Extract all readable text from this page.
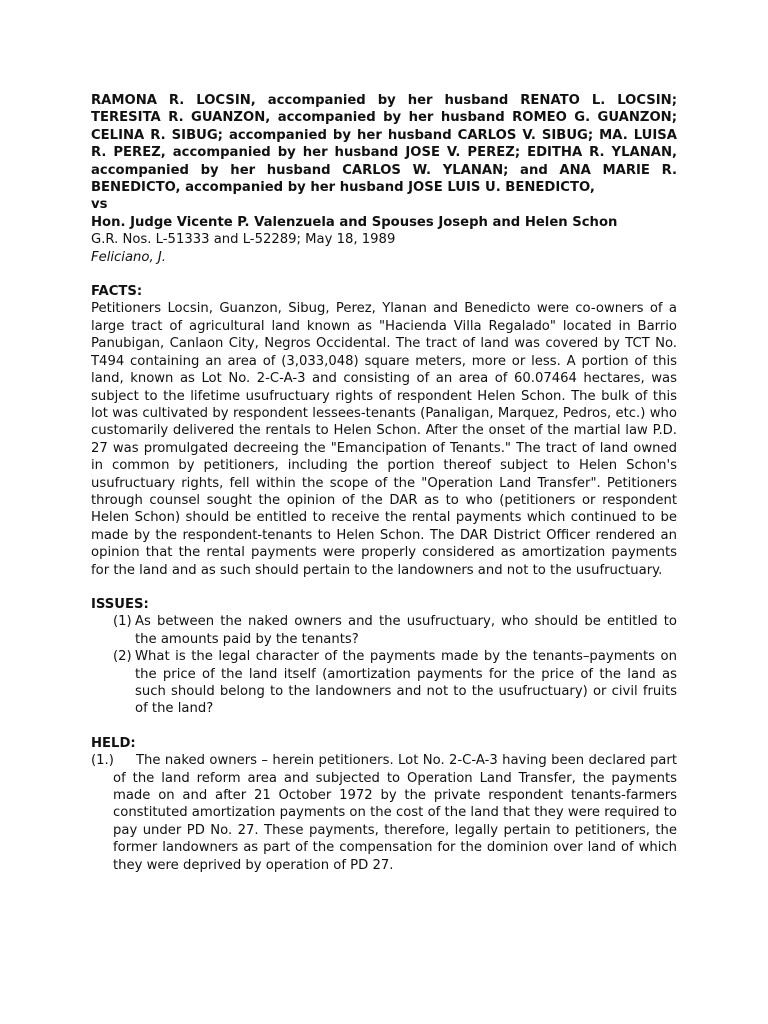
RAMONA R. LOCSIN, accompanied by her husband RENATO L. LOCSIN; TERESITA R. GUANZON, accompanied by her husband ROMEO G. GUANZON; CELINA R. SIBUG; accompanied by her husband CARLOS V. SIBUG; MA. LUISA R. PEREZ, accompanied by her husband JOSE V. PEREZ; EDITHA R. YLANAN, accompanied by her husband CARLOS W. YLANAN; and ANA MARIE R. BENEDICTO, accompanied by her husband JOSE LUIS U. BENEDICTO,

vs

Hon. Judge Vicente P. Valenzuela and Spouses Joseph and Helen Schon

G.R. Nos. L-51333 and L-52289; May 18, 1989

Feliciano, J.

FACTS:

Petitioners Locsin, Guanzon, Sibug, Perez, Ylanan and Benedicto were co-owners of a large tract of agricultural land known as "Hacienda Villa Regalado" located in Barrio Panubigan, Canlaon City, Negros Occidental. The tract of land was covered by TCT No. T494 containing an area of (3,033,048) square meters, more or less. A portion of this land, known as Lot No. 2-C-A-3 and consisting of an area of 60.07464 hectares, was subject to the lifetime usufructuary rights of respondent Helen Schon. The bulk of this lot was cultivated by respondent lessees-tenants (Panaligan, Marquez, Pedros, etc.) who customarily delivered the rentals to Helen Schon. After the onset of the martial law P.D. 27 was promulgated decreeing the "Emancipation of Tenants." The tract of land owned in common by petitioners, including the portion thereof subject to Helen Schon's usufructuary rights, fell within the scope of the "Operation Land Transfer". Petitioners through counsel sought the opinion of the DAR as to who (petitioners or respondent Helen Schon) should be entitled to receive the rental payments which continued to be made by the respondent-tenants to Helen Schon. The DAR District Officer rendered an opinion that the rental payments were properly considered as amortization payments for the land and as such should pertain to the landowners and not to the usufructuary.

ISSUES:

(1) As between the naked owners and the usufructuary, who should be entitled to the amounts paid by the tenants?
(2) What is the legal character of the payments made by the tenants–payments on the price of the land itself (amortization payments for the price of the land as such should belong to the landowners and not to the usufructuary) or civil fruits of the land?

HELD:

(1.) The naked owners – herein petitioners. Lot No. 2-C-A-3 having been declared part of the land reform area and subjected to Operation Land Transfer, the payments made on and after 21 October 1972 by the private respondent tenants-farmers constituted amortization payments on the cost of the land that they were required to pay under PD No. 27. These payments, therefore, legally pertain to petitioners, the former landowners as part of the compensation for the dominion over land of which they were deprived by operation of PD 27.
